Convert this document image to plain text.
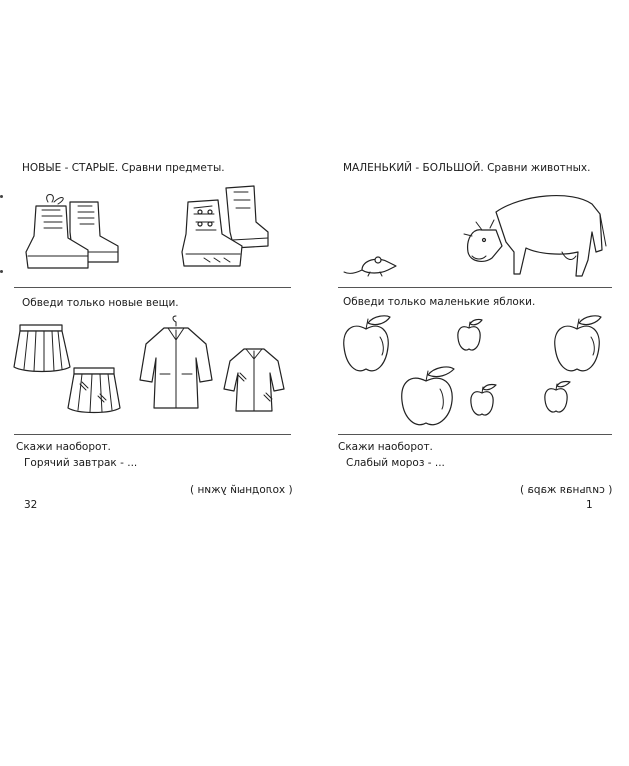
НОВЫЕ - СТАРЫЕ. Сравни предметы.
Обведи только новые вещи.
Скажи наоборот.
Горячий завтрак - ...
( холодный ужин )
32
МАЛЕНЬКИЙ - БОЛЬШОЙ. Сравни животных.
Обведи только маленькие яблоки.
Скажи наоборот.
Слабый мороз - ...
( сильная жара )
1
